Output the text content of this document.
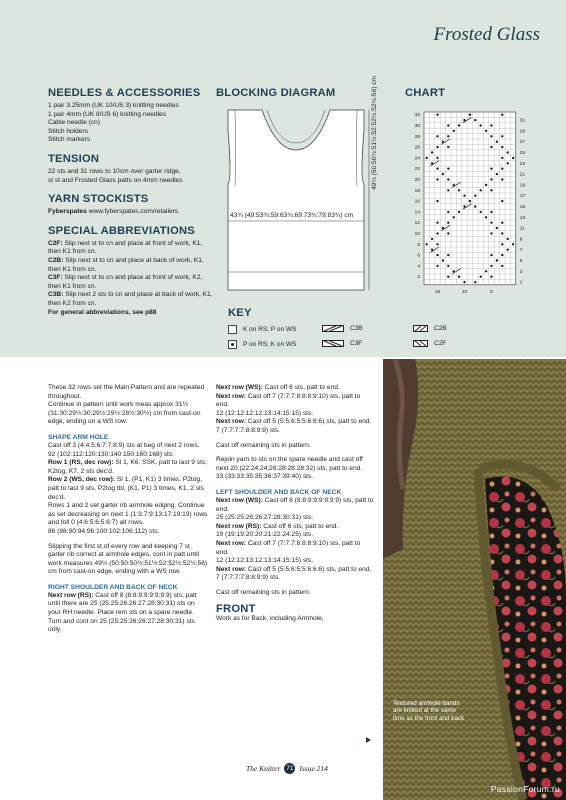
Frosted Glass

NEEDLES & ACCESSORIES

1 pair 3.25mm (UK 10/US 3) knitting needles

1 pair 4mm (UK 8/US 6) knitting needles

Cable needle (cn)

Stitch holders

Stitch markers

TENSION

22 sts and 31 rows to 10cm over garter ridge,

st st and Frosted Glass patts on 4mm needles

YARN STOCKISTS

Fyberspates www.fyberspates.com/retailers

SPECIAL ABBREVIATIONS

C2F: Slip next st to cn and place at front of work, K1, then K1 from cn.

C2B: Slip next st to cn and place at back of work, K1, then K1 from cn.

C3F: Slip next st to cn and place at front of work, K2, then K1 from cn.

C3B: Slip next 2 sts to cn and place at back of work, K1, then K2 from cn.

For general abbreviations, see p88

BLOCKING DIAGRAM

43¾ (49:53¾:59:63¾:69:73¾:79:83¾) cm

CHART

32
30
28
26
24
22
20
18
16
14
12
10
8
6
4
2
31
29
27
25
23
21
19
17
15
13
11
9
7
5
3
1
15	10	5

KEY

K on RS; P on WS
P on RS; K on WS
C3B
C3F
C2B
C2F

These 32 rows set the Main Pattern and are repeated throughout.

Continue in pattern until work meas approx 31½ (31:30:29½:30:29½:29½:28½:30½) cm from cast-on edge, ending on a WS row.

SHAPE ARM HOLE

Cast off 3 (4:4:5:6:7:7:8:9) sts at beg of next 2 rows.

92 (102:112:120:130:140:150:160:168) sts.

Row 1 (RS, dec row): Sl 1, K6, SSK, patt to last 9 sts, K2tog, K7. 2 sts dec'd.

Row 2 (WS, dec row): Sl 1, (P1, K1) 3 times, P2tog, patt to last 9 sts, P2tog tbl, (K1, P1) 3 times, K1. 2 sts dec'd.

Rows 1 and 2 set garter rib armhole edging. Continue as set decreasing on next 1 (1:3:7:9:13:17:19:19) rows and foll 0 (4:6:5:6:5:6:7) alt rows.

86 (88:90:94:96:100:102:106:112) sts.

Slipping the first st of every row and keeping 7 st garter rib correct at armhole edges, cont in patt until work measures 49½ (50:50:50½:51½:52:52½:52½:56) cm from cast-on edge, ending with a WS row.

RIGHT SHOULDER AND BACK OF NECK

Next row (RS): Cast off 8 (8:8:9:9:9:9:9:9) sts, patt until there are 25 (25:25:26:26:27:28:30:31) sts on your RH needle. Place rem sts on a spare needle. Turn and cont on 25 (25:25:26:26:27:28:30:31) sts only.

Next row (WS): Cast off 6 sts, patt to end.

Next row: Cast off 7 (7:7:7:8:8:8:9:10) sts, patt to end.

12 (12:12:12:12:13:14:15:15) sts.

Next row: Cast off 5 (5:5:6:5:5:6:6:6) sts, patt to end.

7 (7:7:7:7:8:8:9:9) sts.

Cast off remaining sts in pattern.

Rejoin yarn to sts on the spare needle and cast off next 20 (22:24:24:26:28:28:28:32) sts, patt to end.

33 (33:33:35:35:36:37:39:40) sts.

LEFT SHOULDER AND BACK OF NECK

Next row (WS): Cast off 8 (8:8:9:9:9:9:9:9) sts, patt to end.

25 (25:25:26:26:27:28:30:31) sts.

Next row (RS): Cast off 6 sts, patt to end.

19 (19:19:20:20:21:22:24:25) sts.

Next row: Cast off 7 (7:7:7:8:8:8:9:10) sts, patt to end.

12 (12:12:13:12:13:14:15:15) sts.

Next row: Cast off 5 (5:5:6:5:5:6:6:6) sts, patt to end.

7 (7:7:7:7:8:8:9:9) sts.

Cast off remaining sts in pattern.

FRONT

Work as for Back, including Armhole,

Textured armhole bands are knitted at the same time as the front and back
The Knitter 71 Issue 214
PassionForum.ru
